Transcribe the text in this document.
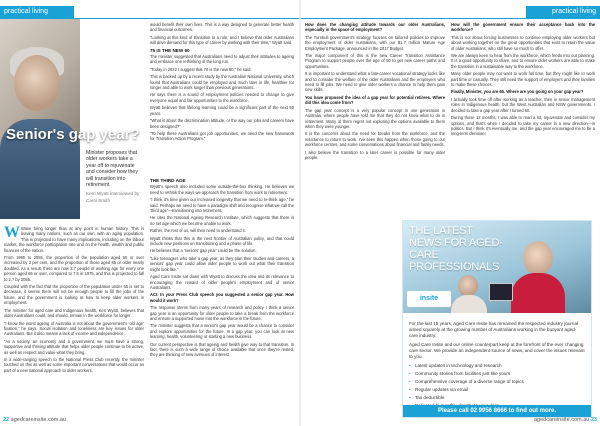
practical living
Senior's gap year?
Minister proposes that older workers take a year off to rejuvenate and consider how they will transition into retirement.
Kerri Wyatt interviewed by Carol Smith

W Wave bring longer than at any point in human history. This is leaving many nations, such as our own, with an aging population. This is projected to have many implications, including on the labour market, the workforce participation rate and on the health, wealth and public finances of the nation.

From 1995 to 2055, the proportion of the population aged 65 or over increased by 3 per cent, and the proportion of those aged 85 or older nearly doubled. As a result, there are now 3.7 people of working age for every one person aged 65 or over, compared to 7.5 in 1975, and this is projected to fall to 2.7 by 2055.

Coupled with the fact that the proportion of the population under 65 is set to decrease, it seems there will not be enough people to fill the jobs of the future, and the government is looking at how to keep older workers in employment.

The minister for aged care and Indigenous health, Ken Wyatt, believes that older Australians could, and should, remain in the workforce for longer.

“I know the worst ageing of Australia is not about the government's ‘old age’ fixation,” he says. Social isolation and loneliness are key issues for older Australians. But it also means a lack of income and independence.

“As a society, an economy and a government, we must have a strong, supportive and thriving attitude that helps older people continue to be active, as well as respect and value what they bring.

In a wide-ranging speech to the National Press Club recently, the minister touched on this as well as some important conversations that would occur as part of a new national approach to older workers.

would benefit their own lives. This is a way designed to generate better health and financial outcomes.

“Looking at this kind of transition to a role, and I believe that older Australians will drive demand for this type of career by working with their time,” Wyatt said.

75 IS THE NEW 60

The minister suggested that Australians need to adjust their attitudes to ageing and embrace one rethinking of the long run.

“Today in 2022 I suggest that 70 is the new 60,” he said.

This is backed up by a recent study by the Australian National University, which found that Australians could be employed and much later in life, healthier for longer and able to work longer than previous generations.

He says there is a sound of employment policies needed to change to give everyone equal and fair opportunities to the workforce.

Wyatt believes that lifelong learning could be a significant part of the next 50 years.

“What is about the discrimination attitude, or the way our jobs and careers have been designed?”

“To help these Australians get job opportunities, we need the new framework for Transition Action Program.”

THE THIRD AGE

Wyatt's speech also included some outside-the-box thinking. He believes we need to rethink the ways we approach the transition from work to retirement.

“I think it's time given our increased longevity that we need to re-think age,” he said. Perhaps we need to have a paradigm shift and recognise what we call the ‘third age’—transitioning into retirement.

He cites the National Ageing Research Institute, which suggests that there is no set age which we become unable to work.

Rather, the rest of us, will then need to understand it.

Wyatt thinks that this is the next frontier of Australian policy, and that could include new positions on transitioning and a phase of life.

He believes that a ‘seniors’ gap year’ could be the solution.

“Like teenagers who take a gap year, as they plan their studies and careers, a seniors' gap year could allow older people to work out what their transition might look like.”

Aged Care Insite sat down with Wyatt to discuss the idea and its relevance to encouraging the reward of older people's employment and of senior Australians.

ACI: In your Press Club speech you suggested a senior gap year. How would it work?

The response stems from many years of research and policy. I think a senior gap year is an opportunity for older people to take a break from the workforce and ensure a supported move into the workforce in the future.

The minister suggests that a senior's gap year would be a chance to consider and explore opportunities for the future. In a gap year, you can look at new learning, health, volunteering or starting a new business.

Our current perspective is that ageing and health give way to that transition. In fact, there is such a wide range of choice available that once they're rested, they are thinking of new avenues of interest.

22 agedcareinsite.com.au
practical living

How does the changing attitude towards our older Australians, especially in the space of employment?

The Turnbull government's strategy focuses on tailored policies to improve the employment of older Australians, with our $1.7 million Mature Age Employment Package, announced in the 2017 Budget.

The major component of this is the new Career Transition Assistance Program to support people over the age of 50 to get new career paths and opportunities.

It is important to understand what a late-career vocational strategy looks like and to consider the welfare of the older Australians and the employers who need to fill jobs. We need to give older workers a chance to help them gain new skills.

You have proposed the idea of a gap year for potential retirees. Where did this idea come from?

The gap year concept is a very popular concept in one generation in Australia, where people have told me that they do not know what to do in retirement. Many of them regret not exploring the options available to them when they were younger.

It is the concerns about the need for breaks from the workforce, and the reluctance to return to work. I've seen this happen when those going to our workforce centres, and some conversations about financial and family needs.

I also believe the transition to a later career is possible for many older people.

How will the government ensure their acceptance back into the workforce?

This is not about forcing businesses to continue employing older workers but about working together on the great opportunities that exist to retain the value of older Australians, who still have so much to offer.

We are always keen to hear from the workforce, which feeds into our planning. It is a good opportunity to share, and to ensure older workers are able to make the transition in a sustainable way to the workforce.

Many older people may not want to work full time, but they might like to work part time or casually. They still need the support of employers and their families to make these choices.

Finally, Minister, you are 65. Where are you going on your gap year?

I actually took time off after working as a teacher, then in senior management roles in Indigenous health, but the West Australian and NSW governments. I decided to take a gap year after I turned 60.

During those 12 months, I was able to read a lot, rejuvenate and consider my options, and that's when I decided to take my career in a new direction—in politics. But I think it's eventually me, and the gap year encouraged me to be a long-term decision!

THE LATEST NEWS FOR AGED-CARE PROFESSIONALS
insite

For the last 15 years, Aged Care Insite has remained the respected industry journal aimed squarely at the growing number of Australians working in the buoyant aged-care industry.

Aged Care Insite and our online counterpart keep at the forefront of the ever changing care sector. We provide an independent source of news, and cover the issues relevant to you.

• Latest updates in technology and research
• Community stories from facilities just like yours
• Comprehensive coverage of a diverse range of topics
• Regular updates via email
• Tax deductible
•
Please call 02 9956 8666 to find out more.
agedcareinsite.com.au 23
